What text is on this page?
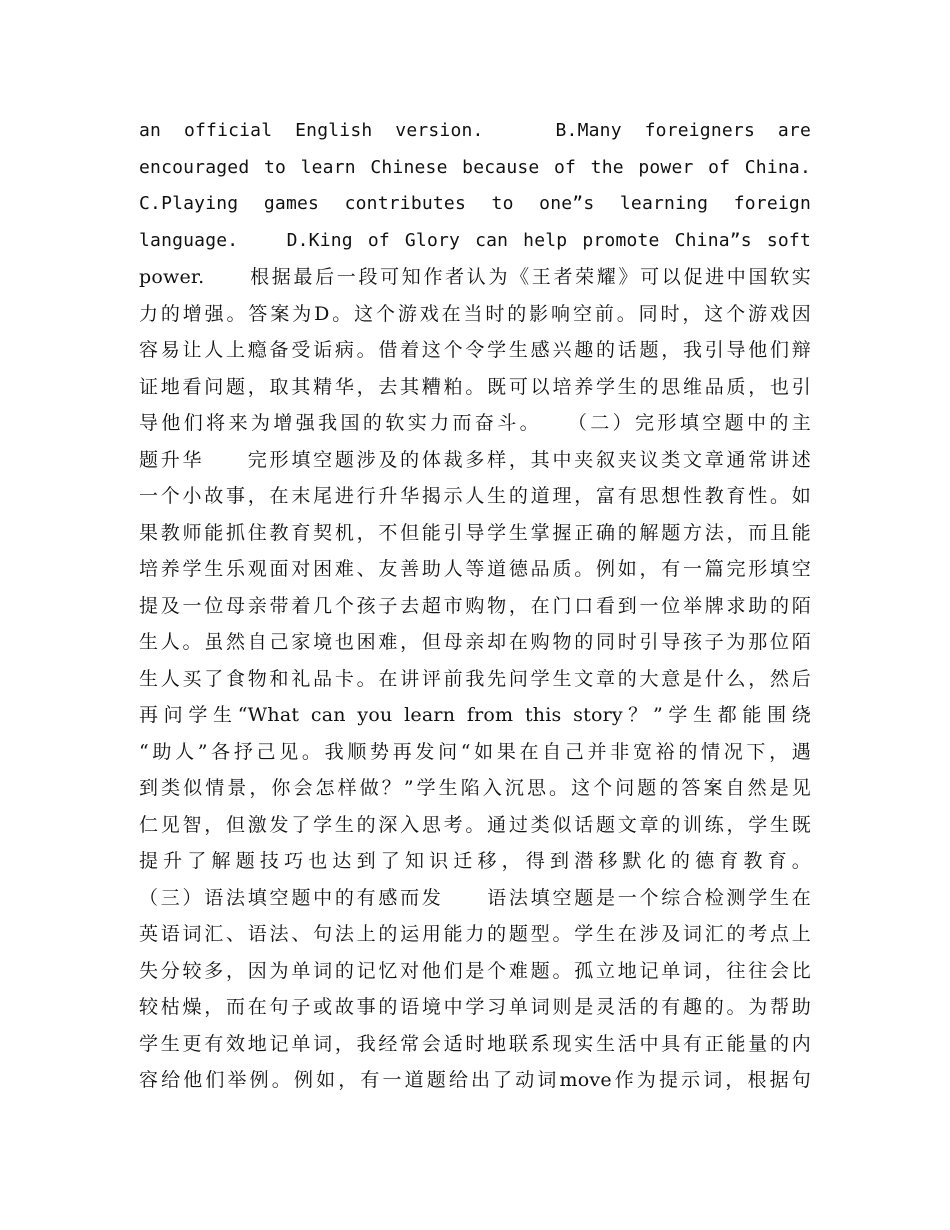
an official English version.　　B.Many foreigners are
encouraged to learn Chinese because of the power of China.
C.Playing games contributes to one”s learning foreign
language.　　D.King of Glory can help promote China”s soft
power.　　根据最后一段可知作者认为《王者荣耀》可以促进中国软实
力的增强。答案为D。这个游戏在当时的影响空前。同时，这个游戏因
容易让人上瘾备受诟病。借着这个令学生感兴趣的话题，我引导他们辩
证地看问题，取其精华，去其糟粕。既可以培养学生的思维品质，也引
导他们将来为增强我国的软实力而奋斗。　　（二）完形填空题中的主
题升华　　完形填空题涉及的体裁多样，其中夹叙夹议类文章通常讲述
一个小故事，在末尾进行升华揭示人生的道理，富有思想性教育性。如
果教师能抓住教育契机，不但能引导学生掌握正确的解题方法，而且能
培养学生乐观面对困难、友善助人等道德品质。例如，有一篇完形填空
提及一位母亲带着几个孩子去超市购物，在门口看到一位举牌求助的陌
生人。虽然自己家境也困难，但母亲却在购物的同时引导孩子为那位陌
生人买了食物和礼品卡。在讲评前我先问学生文章的大意是什么，然后
再问学生“What can you learn from this story？”学生都能围绕
“助人”各抒己见。我顺势再发问“如果在自己并非宽裕的情况下，遇
到类似情景，你会怎样做？”学生陷入沉思。这个问题的答案自然是见
仁见智，但激发了学生的深入思考。通过类似话题文章的训练，学生既
提升了解题技巧也达到了知识迁移，得到潜移默化的德育教育。
（三）语法填空题中的有感而发　　语法填空题是一个综合检测学生在
英语词汇、语法、句法上的运用能力的题型。学生在涉及词汇的考点上
失分较多，因为单词的记忆对他们是个难题。孤立地记单词，往往会比
较枯燥，而在句子或故事的语境中学习单词则是灵活的有趣的。为帮助
学生更有效地记单词，我经常会适时地联系现实生活中具有正能量的内
容给他们举例。例如，有一道题给出了动词move作为提示词，根据句
